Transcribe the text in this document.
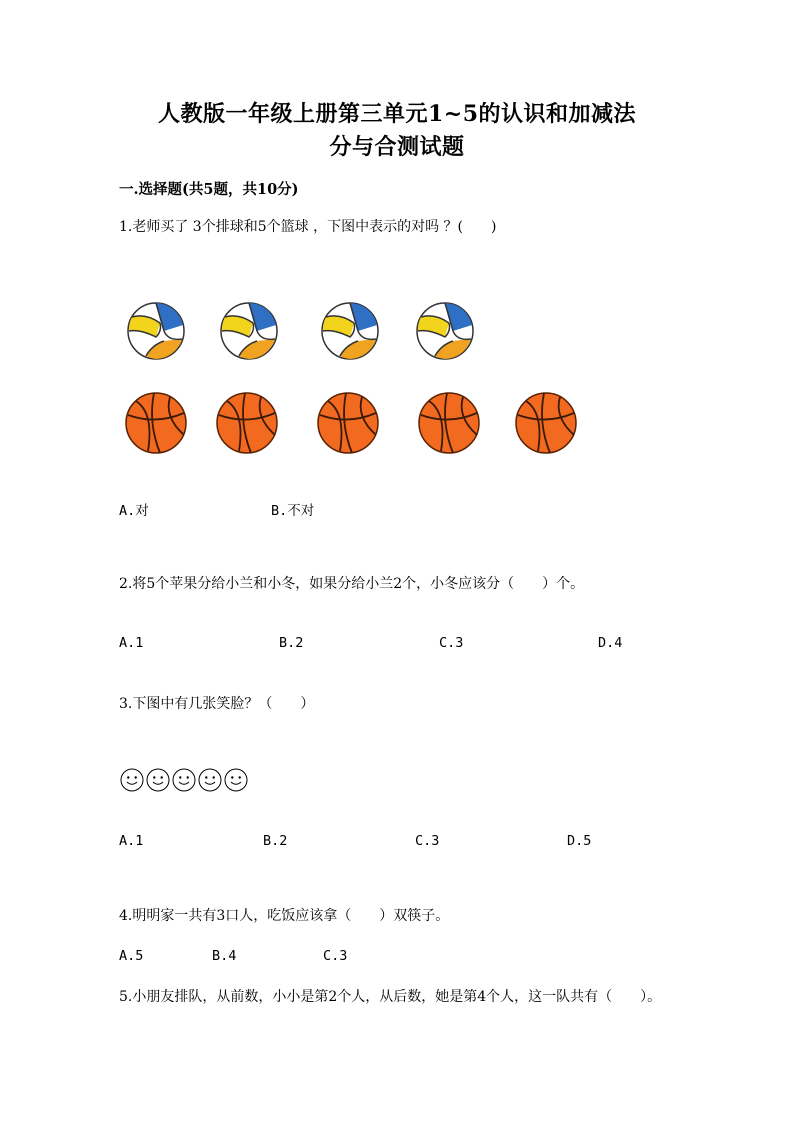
人教版一年级上册第三单元1~5的认识和加减法
分与合测试题
一.选择题(共5题，共10分)
1.老师买了 3个排球和5个篮球 ，下图中表示的对吗 ？(　　)
A.对	B.不对
2.将5个苹果分给小兰和小冬，如果分给小兰2个，小冬应该分（　　）个。
A.1	B.2	C.3	D.4
3.下图中有几张笑脸？（　　）
A.1	B.2	C.3	D.5
4.明明家一共有3口人，吃饭应该拿（　　）双筷子。
A.5	B.4	C.3
5.小朋友排队，从前数，小小是第2个人，从后数，她是第4个人，这一队共有（　　）。
